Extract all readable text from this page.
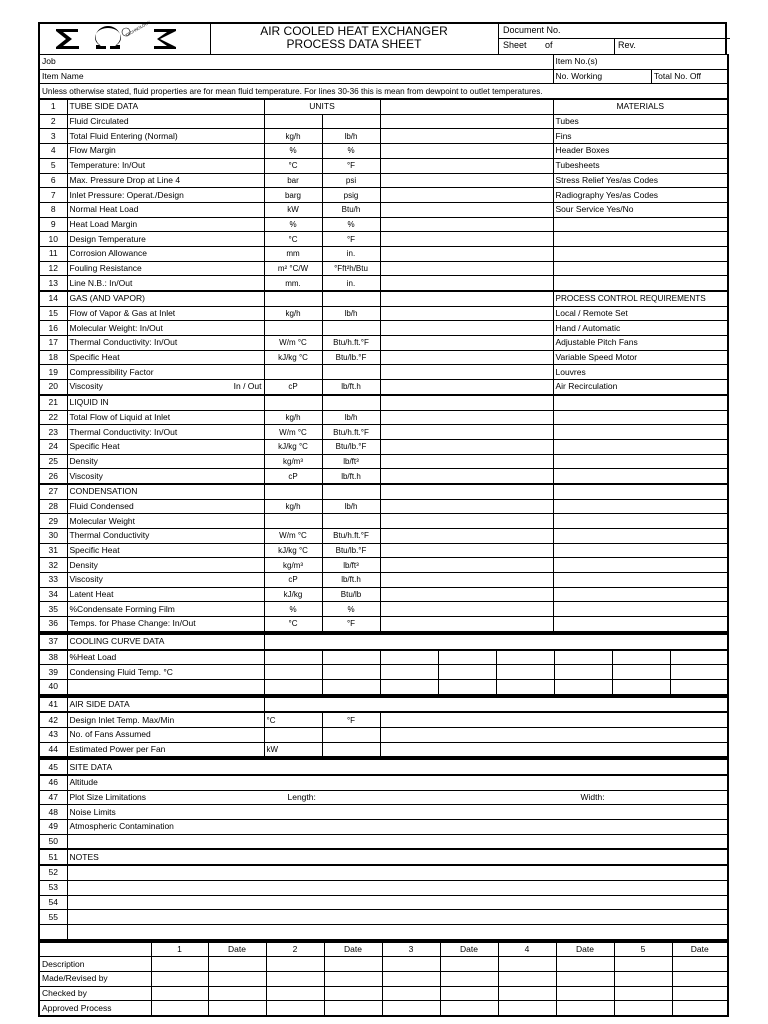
TECHNOLOGY	AIR COOLED HEAT EXCHANGER
PROCESS DATA SHEET
Document No.
Sheet of	Rev.
Job					Item No.(s)
Item Name					No. Working Total No. Off

Unless otherwise stated, fluid properties are for mean fluid temperature. For lines 30-36 this is mean from dewpoint to outlet temperatures.					
1	TUBE SIDE DATA	UNITS			MATERIALS
2	Fluid Circulated				Tubes
3	Total Fluid Entering (Normal)	kg/h	lb/h		Fins
4	Flow Margin	%	%		Header Boxes
5	Temperature: In/Out	°C	°F		Tubesheets
6	Max. Pressure Drop at Line 4	bar	psi		Stress Relief Yes/as Codes
7	Inlet Pressure: Operat./Design	barg	psig		Radiography Yes/as Codes
8	Normal Heat Load	kW	Btu/h		Sour Service Yes/No
9	Heat Load Margin	%	%		
10	Design Temperature	°C	°F		
11	Corrosion Allowance	mm	in.		
12	Fouling Resistance	m² °C/W	°Fft²h/Btu		
13	Line N.B.: In/Out	mm.	in.		
14	GAS (AND VAPOR)				PROCESS CONTROL REQUIREMENTS
15	Flow of Vapor & Gas at Inlet	kg/h	lb/h		Local / Remote Set
16	Molecular Weight: In/Out				Hand / Automatic
17	Thermal Conductivity: In/Out	W/m °C	Btu/h.ft.°F		Adjustable Pitch Fans
18	Specific Heat	kJ/kg °C	Btu/lb.°F		Variable Speed Motor
19	Compressibility Factor				Louvres
20	Viscosity In / Out	cP	lb/ft.h		Air Recirculation
21	LIQUID IN				
22	Total Flow of Liquid at Inlet	kg/h	lb/h		
23	Thermal Conductivity: In/Out	W/m °C	Btu/h.ft.°F		
24	Specific Heat	kJ/kg °C	Btu/lb.°F		
25	Density	kg/m³	lb/ft³		
26	Viscosity	cP	lb/ft.h		
27	CONDENSATION				
28	Fluid Condensed	kg/h	lb/h		
29	Molecular Weight				
30	Thermal Conductivity	W/m °C	Btu/h.ft.°F		
31	Specific Heat	kJ/kg °C	Btu/lb.°F		
32	Density	kg/m³	lb/ft³		
33	Viscosity	cP	lb/ft.h		
34	Latent Heat	kJ/kg	Btu/lb		
35	%Condensate Forming Film	%	%		
36	Temps. for Phase Change: In/Out	°C	°F		
37	COOLING CURVE DATA								
38	%Heat Load								
39	Condensing Fluid Temp. °C								
40									
41	AIR SIDE DATA			
42	Design Inlet Temp. Max/Min	°C	°F	
43	No. of Fans Assumed			
44	Estimated Power per Fan	kW		
45	SITE DATA
46	Altitude
47	Plot Size Limitations Length: Width:

48	Noise Limits
49	Atmospheric Contamination
50	
51	NOTES
52	
53	
54	
55	

	1	Date	2	Date	3	Date	4	Date	5	Date
Description										
Made/Revised by										
Checked by										
Approved Process										
